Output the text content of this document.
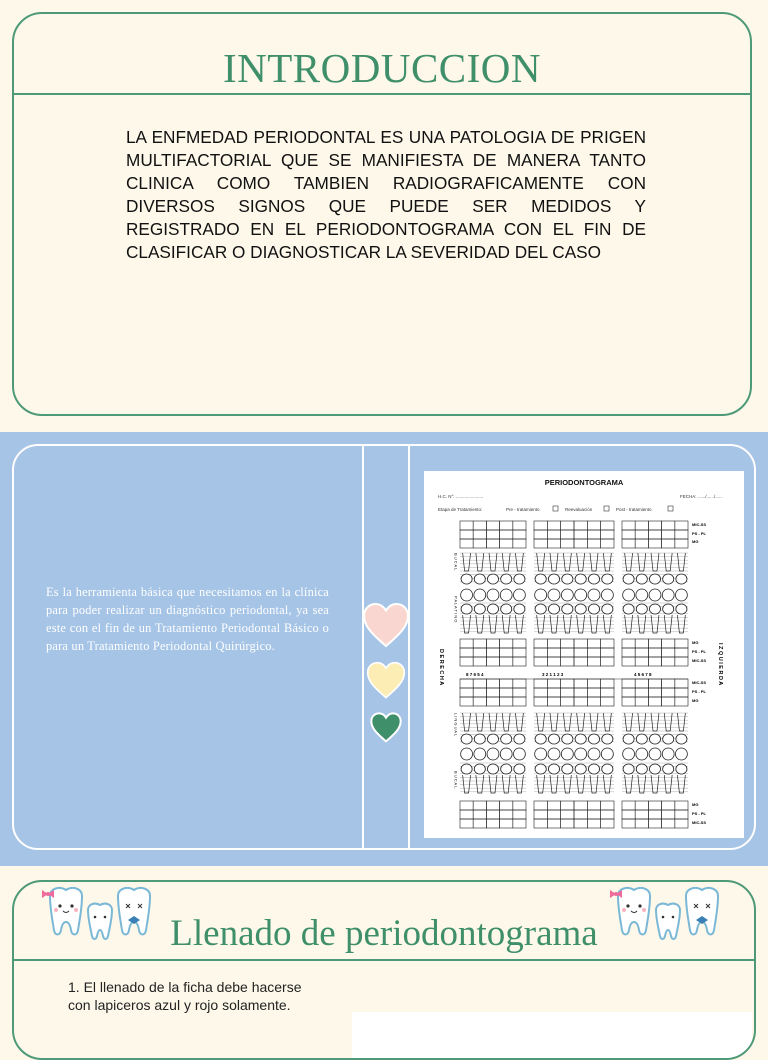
INTRODUCCION
LA ENFMEDAD PERIODONTAL ES UNA PATOLOGIA DE PRIGEN MULTIFACTORIAL QUE SE MANIFIESTA DE MANERA TANTO CLINICA COMO TAMBIEN RADIOGRAFICAMENTE CON DIVERSOS SIGNOS QUE PUEDE SER MEDIDOS Y REGISTRADO EN EL PERIODONTOGRAMA CON EL FIN DE CLASIFICAR O DIAGNOSTICAR LA SEVERIDAD DEL CASO
Es la herramienta básica que necesitamos en la clínica para poder realizar un diagnóstico periodontal, ya sea este con el fin de un Tratamiento Periodontal Básico o para un Tratamiento Periodontal Quirúrgico.
PERIODONTOGRAMA
H.C. N°: ......................	FECHA: ....../....../......
Etapa de Tratamiento:	Pre - tratamiento	Reevaluación	Post - tratamiento
MIC-SS
PS - PL
MG
MG
PS - PL
MIC-SS
8 7 6 5 4	3 2 1 1 2 3	4 5 6 7 8
MIC-SS
PS - PL
MG
MG
PS - PL
MIC-SS
B U C A L
P A L A T I N O
D E R E C H A	I Z Q U I E R D A
L I N G U A L
B U C A L
Llenado de periodontograma
1. El llenado de la ficha debe hacerse con lapiceros azul y rojo solamente.
